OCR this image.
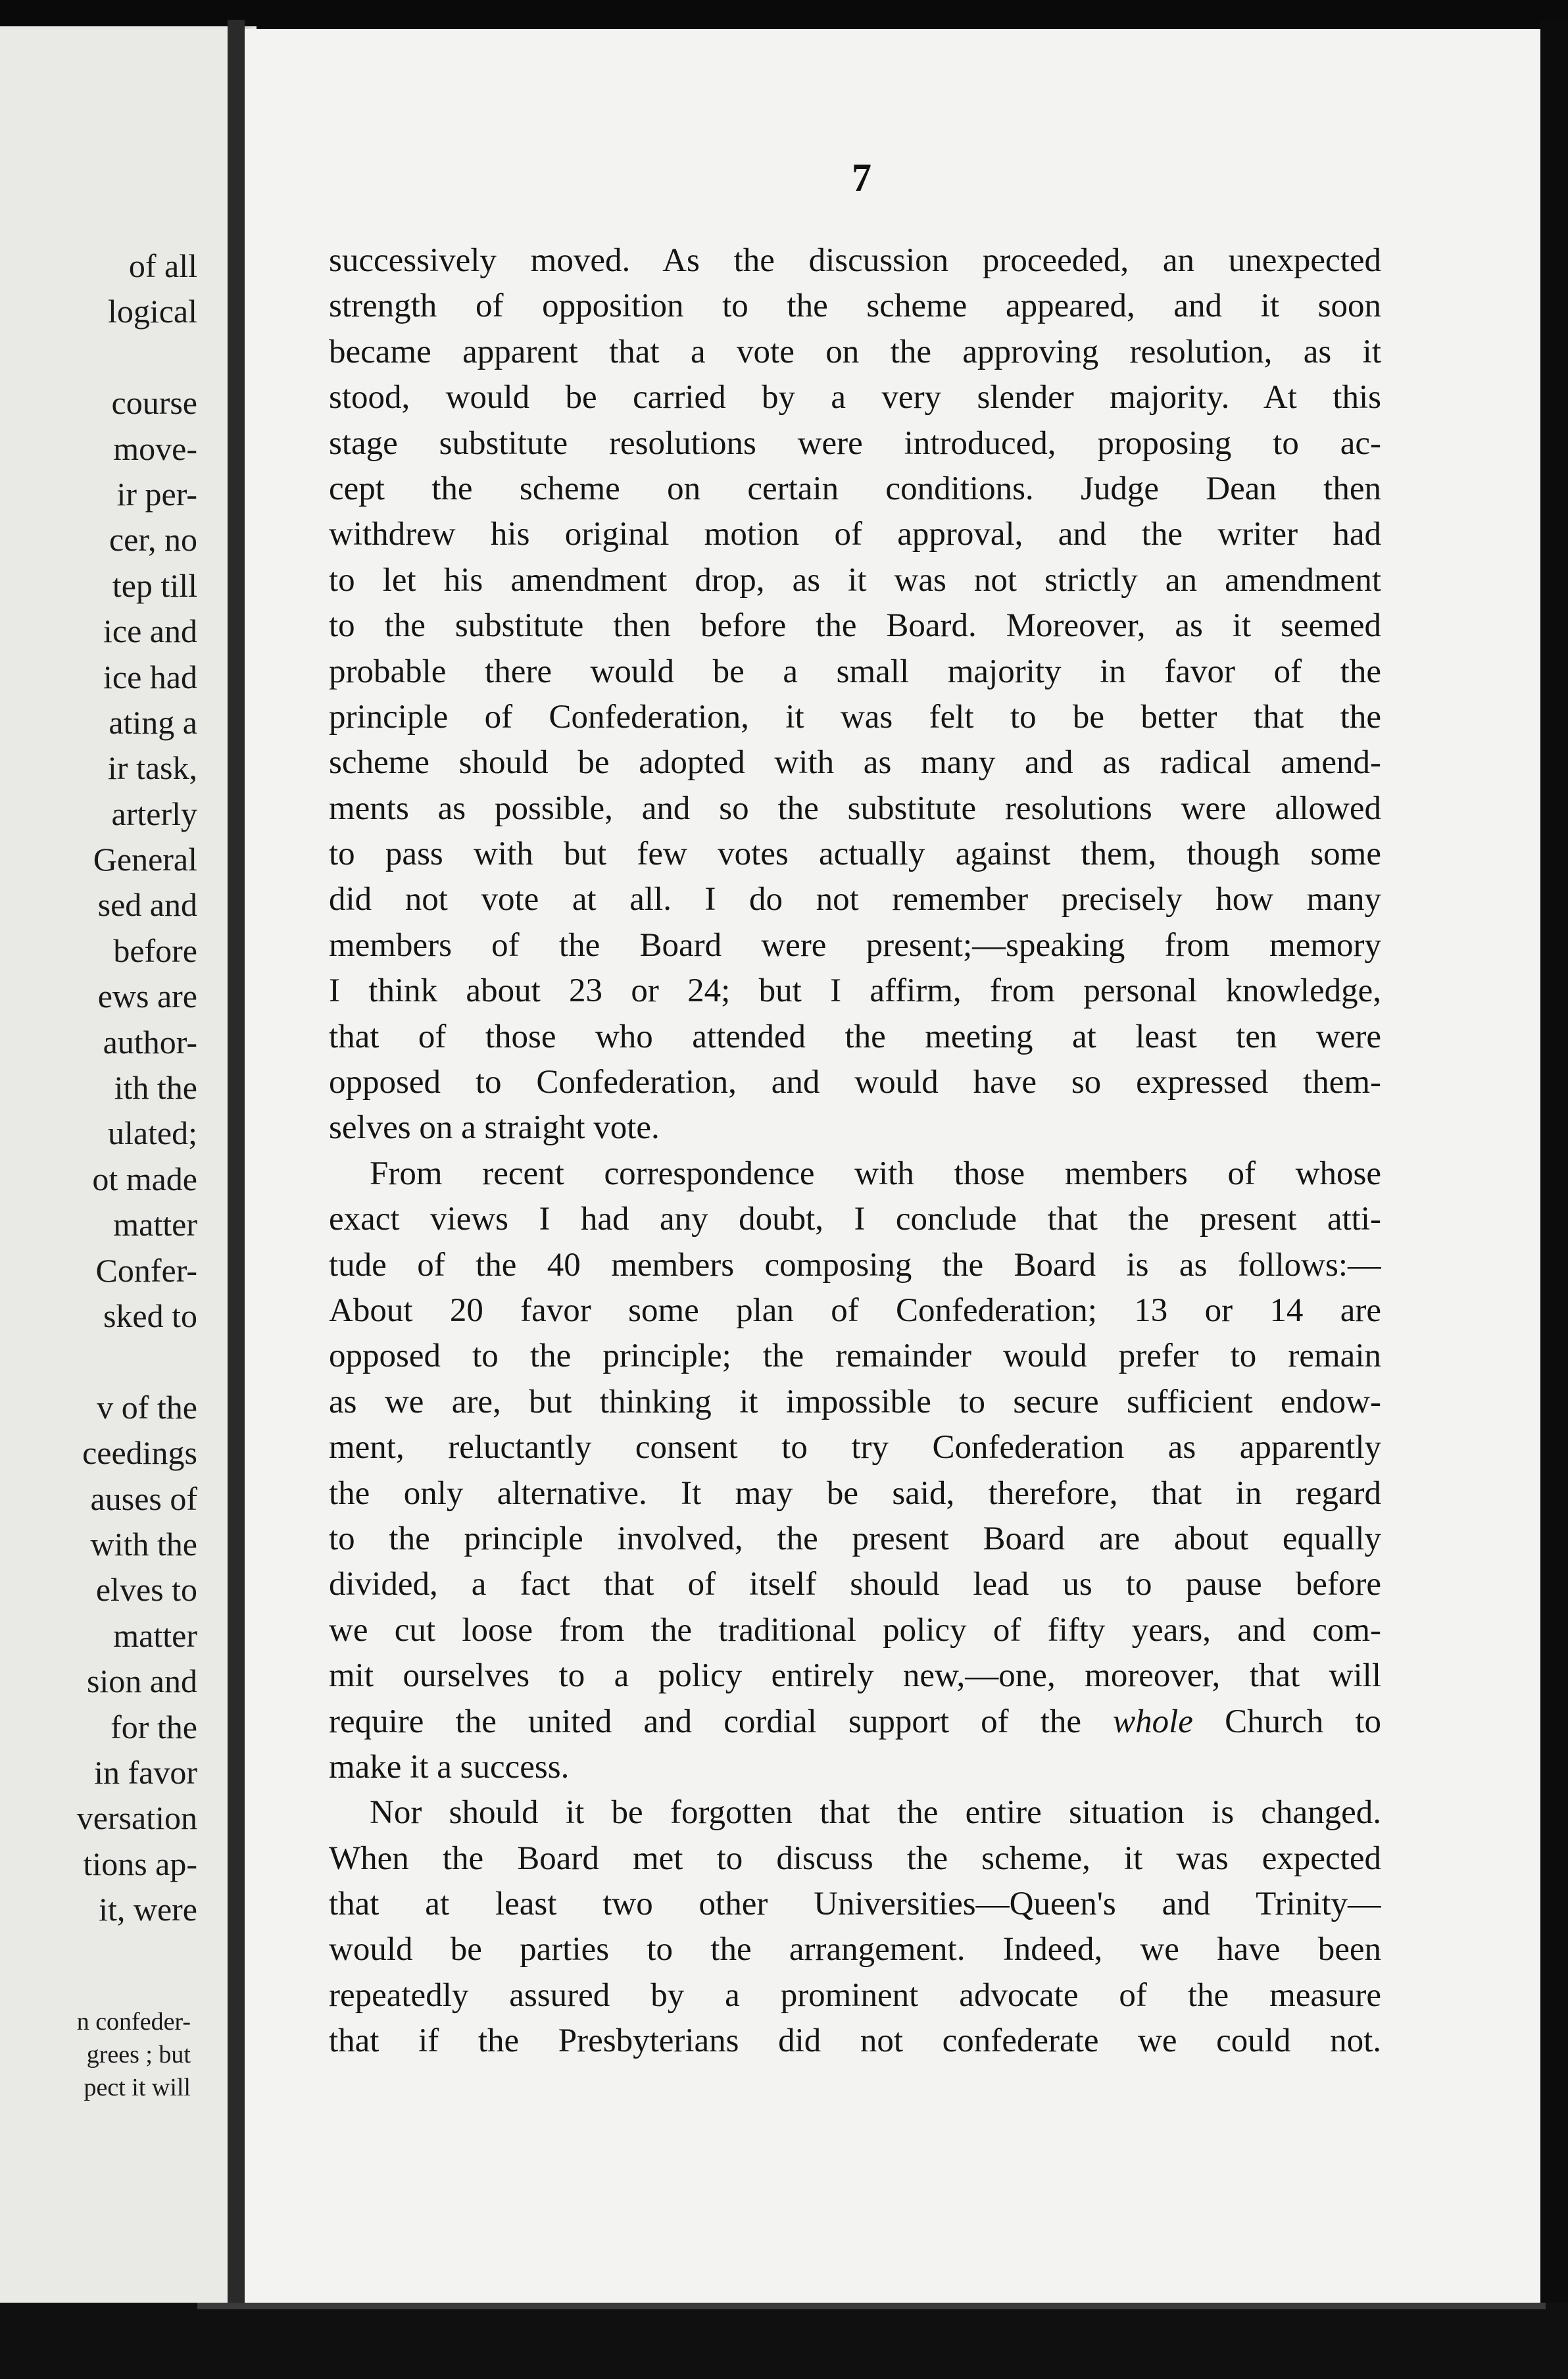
of all
logical
course
move-
ir per-
cer, no
tep till
ice and
ice had
ating a
ir task,
arterly
General
sed and
before
ews are
author-
ith the
ulated;
ot made
matter
Confer-
sked to
v of the
ceedings
auses of
with the
elves to
matter
sion and
for the
in favor
versation
tions ap-
it, were
n confeder-
grees ; but
pect it will
7
successively moved. As the discussion proceeded, an unexpected
strength of opposition to the scheme appeared, and it soon
became apparent that a vote on the approving resolution, as it
stood, would be carried by a very slender majority. At this
stage substitute resolutions were introduced, proposing to ac-
cept the scheme on certain conditions. Judge Dean then
withdrew his original motion of approval, and the writer had
to let his amendment drop, as it was not strictly an amendment
to the substitute then before the Board. Moreover, as it seemed
probable there would be a small majority in favor of the
principle of Confederation, it was felt to be better that the
scheme should be adopted with as many and as radical amend-
ments as possible, and so the substitute resolutions were allowed
to pass with but few votes actually against them, though some
did not vote at all. I do not remember precisely how many
members of the Board were present;—speaking from memory
I think about 23 or 24; but I affirm, from personal knowledge,
that of those who attended the meeting at least ten were
opposed to Confederation, and would have so expressed them-
selves on a straight vote.
From recent correspondence with those members of whose
exact views I had any doubt, I conclude that the present atti-
tude of the 40 members composing the Board is as follows:—
About 20 favor some plan of Confederation; 13 or 14 are
opposed to the principle; the remainder would prefer to remain
as we are, but thinking it impossible to secure sufficient endow-
ment, reluctantly consent to try Confederation as apparently
the only alternative. It may be said, therefore, that in regard
to the principle involved, the present Board are about equally
divided, a fact that of itself should lead us to pause before
we cut loose from the traditional policy of fifty years, and com-
mit ourselves to a policy entirely new,—one, moreover, that will
require the united and cordial support of the whole Church to
make it a success.
Nor should it be forgotten that the entire situation is changed.
When the Board met to discuss the scheme, it was expected
that at least two other Universities—Queen's and Trinity—
would be parties to the arrangement. Indeed, we have been
repeatedly assured by a prominent advocate of the measure
that if the Presbyterians did not confederate we could not.
